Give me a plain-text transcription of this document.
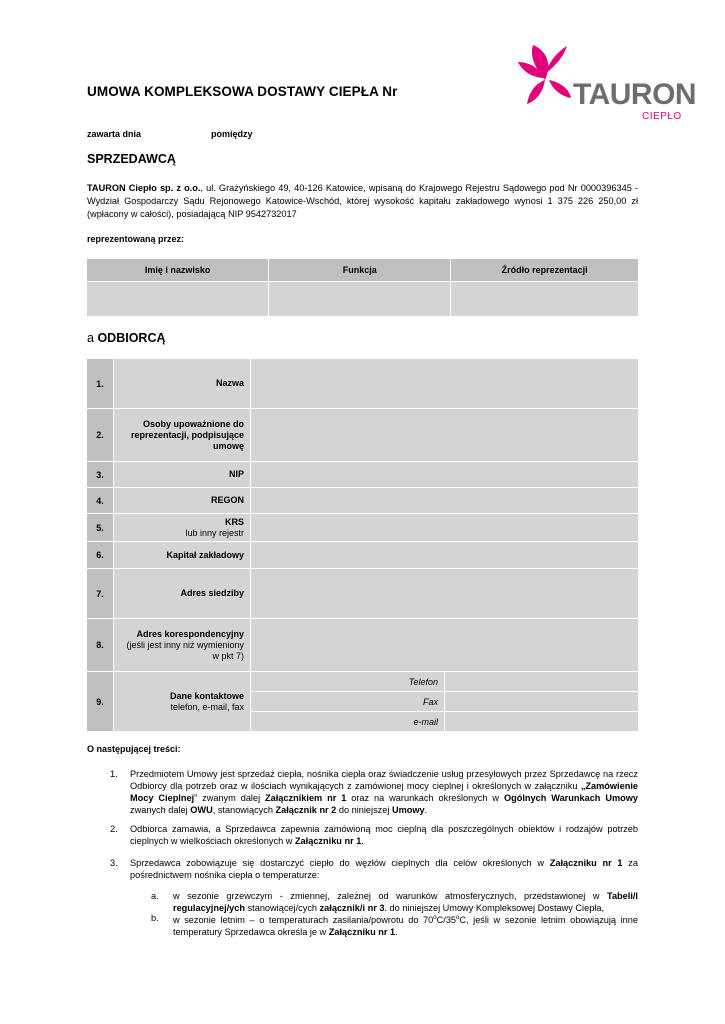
UMOWA KOMPLEKSOWA DOSTAWY CIEPŁA Nr	TAURON
CIEPŁO
zawarta dnia	pomiędzy
SPRZEDAWCĄ
TAURON Ciepło sp. z o.o., ul. Grażyńskiego 49, 40-126 Katowice, wpisaną do Krajowego Rejestru Sądowego pod Nr 0000396345 - Wydział Gospodarczy Sądu Rejonowego Katowice-Wschód, której wysokość kapitału zakładowego wynosi 1 375 226 250,00 zł (wpłacony w całości), posiadającą NIP 9542732017
reprezentowaną przez:
Imię i nazwisko	Funkcja	Źródło reprezentacji

a ODBIORCĄ
1.	Nazwa		
2.	Osoby upoważnione do reprezentacji, podpisujące umowę		
3.	NIP		
4.	REGON		
5.	KRS
lub inny rejestr		
6.	Kapitał zakładowy		
7.	Adres siedziby		
8.	Adres korespondencyjny
(jeśli jest inny niż wymieniony w pkt 7)		
9.	Dane kontaktowe
telefon, e-mail, fax	Telefon	
		Fax	
		e-mail	
O następującej treści:
1. Przedmiotem Umowy jest sprzedaż ciepła, nośnika ciepła oraz świadczenie usług przesyłowych przez Sprzedawcę na rzecz Odbiorcy dla potrzeb oraz w ilościach wynikających z zamówionej mocy cieplnej i określonych w załączniku „Zamówienie Mocy Cieplnej” zwanym dalej Załącznikiem nr 1 oraz na warunkach określonych w Ogólnych Warunkach Umowy zwanych dalej OWU, stanowiących Załącznik nr 2 do niniejszej Umowy.
2. Odbiorca zamawia, a Sprzedawca zapewnia zamówioną moc cieplną dla poszczególnych obiektów i rodzajów potrzeb cieplnych w wielkościach określonych w Załączniku nr 1.
3. Sprzedawca zobowiązuje się dostarczyć ciepło do węzłów cieplnych dla celów określonych w Załączniku nr 1 za pośrednictwem nośnika ciepła o temperaturze:
a. w sezonie grzewczym - zmiennej, zależnej od warunków atmosferycznych, przedstawionej w Tabeli/I regulacyjnej/ych stanowiącej/cych załącznik/i nr 3. do niniejszej Umowy Kompleksowej Dostawy Ciepła,
b. w sezonie letnim – o temperaturach zasilania/powrotu do 70$^o$C/35$^o$C, jeśli w sezonie letnim obowiązują inne temperatury Sprzedawca określa je w Załączniku nr 1.
